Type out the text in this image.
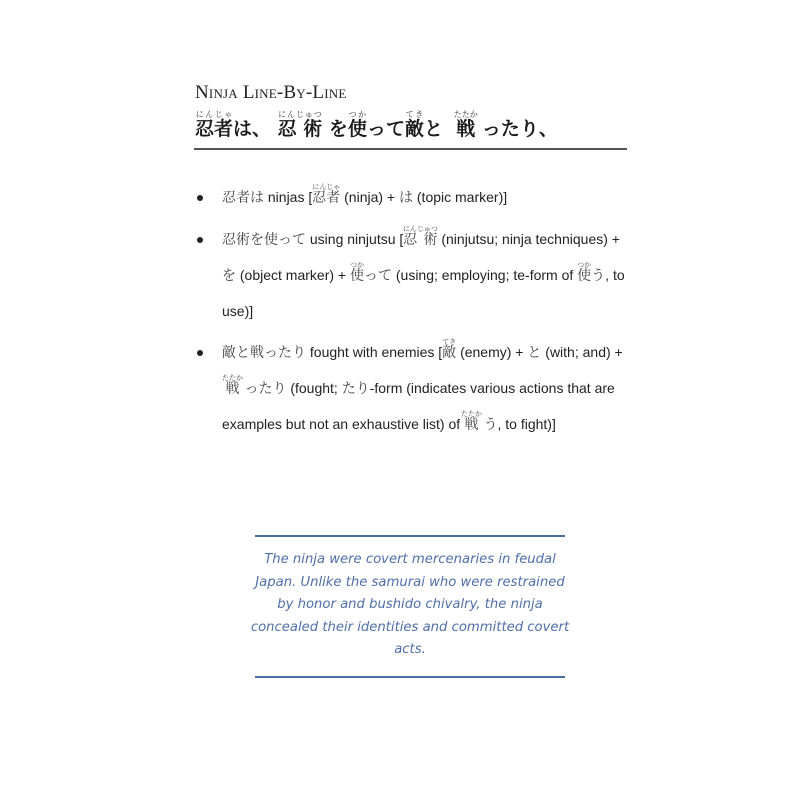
Ninja Line-By-Line
忍者にんじゃは、 忍 術にんじゅつ を使つかって敵てきと  戦たたか ったり、
忍者は ninjas [忍者にんじゃ (ninja) + は (topic marker)]
忍術を使って using ninjutsu [忍 術にんじゅつ (ninjutsu; ninja techniques) + を (object marker) + 使つかって (using; employing; te-form of 使つかう, to use)]
敵と戦ったり fought with enemies [敵てき (enemy) + と (with; and) + 戦たたか ったり (fought; たり-form (indicates various actions that are examples but not an exhaustive list) of 戦たたか う, to fight)]
The ninja were covert mercenaries in feudal Japan. Unlike the samurai who were restrained by honor and bushido chivalry, the ninja concealed their identities and committed covert acts.
